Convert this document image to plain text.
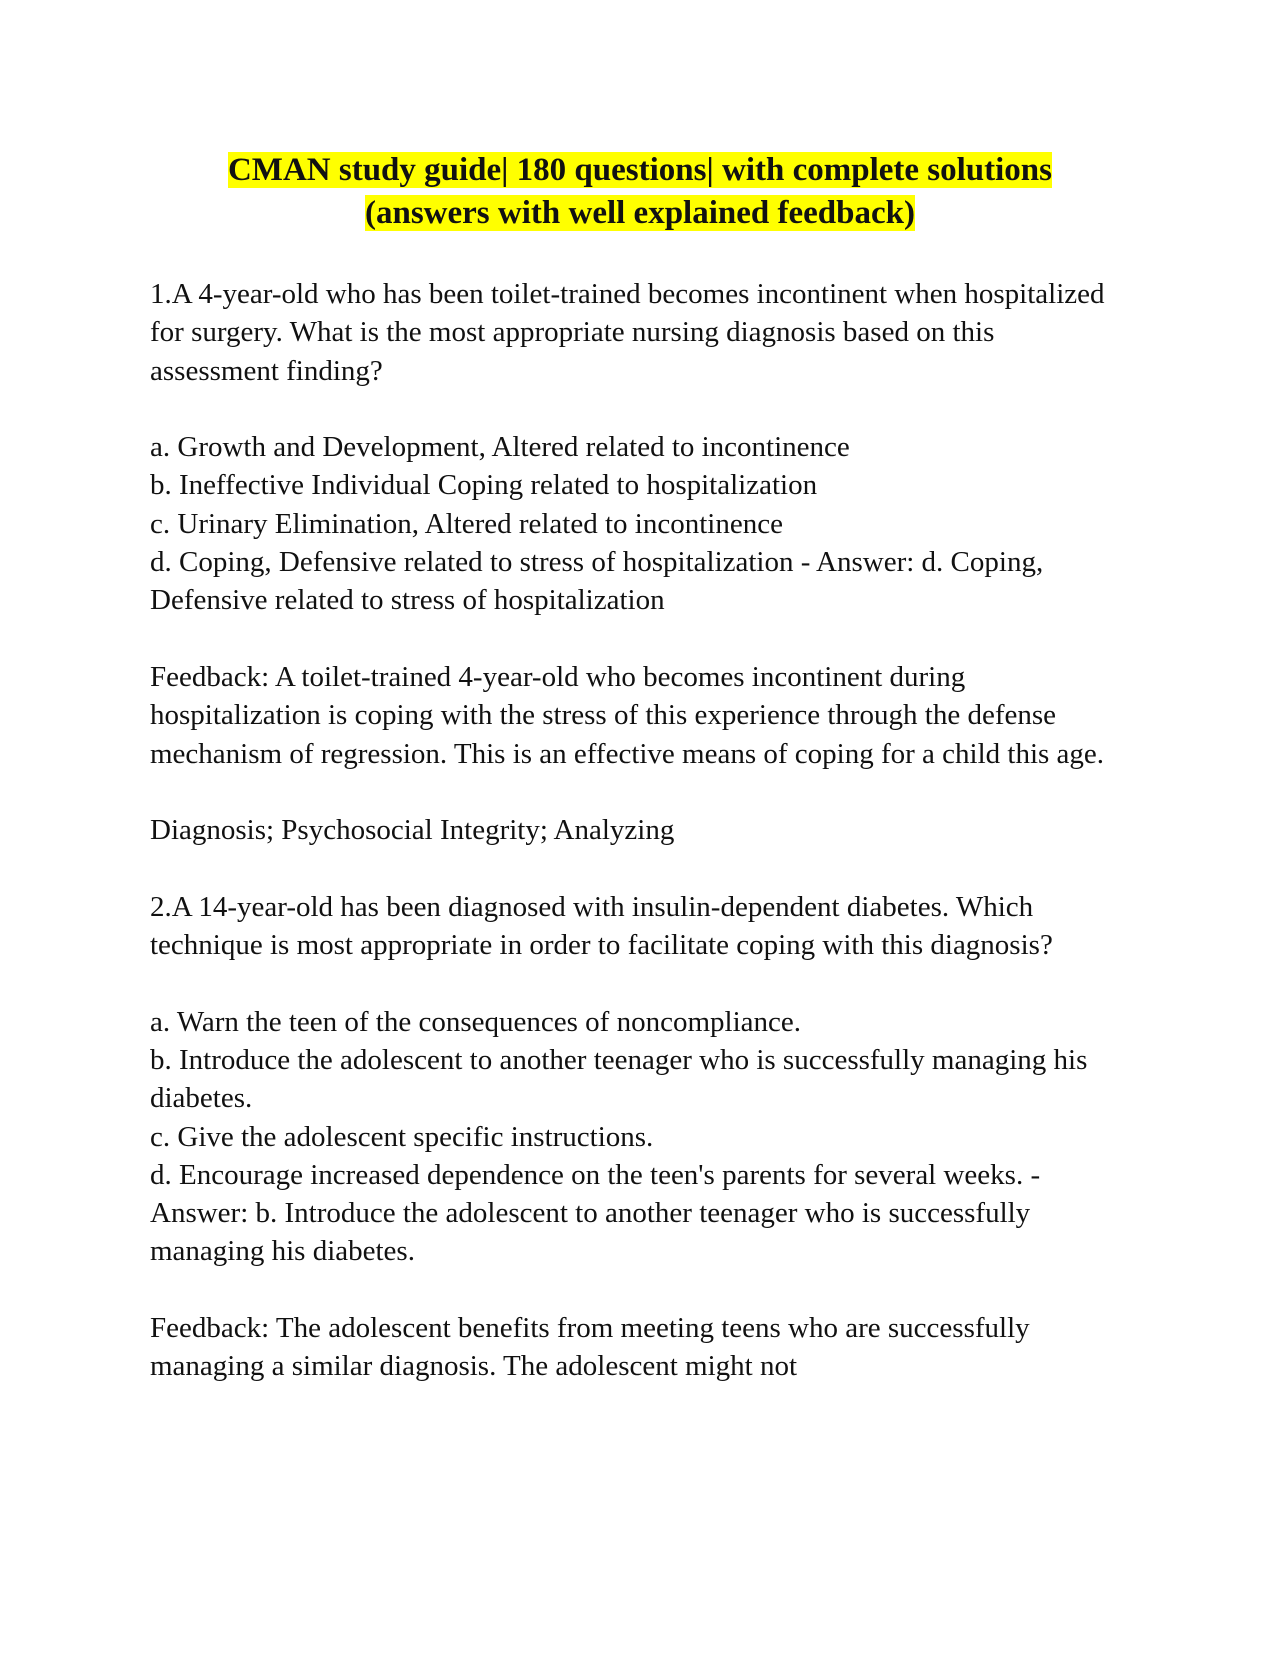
CMAN study guide| 180 questions| with complete solutions
(answers with well explained feedback)

1.A 4-year-old who has been toilet-trained becomes incontinent when hospitalized for surgery. What is the most appropriate nursing diagnosis based on this assessment finding?

a. Growth and Development, Altered related to incontinence

b. Ineffective Individual Coping related to hospitalization

c. Urinary Elimination, Altered related to incontinence

d. Coping, Defensive related to stress of hospitalization - Answer: d. Coping, Defensive related to stress of hospitalization

Feedback: A toilet-trained 4-year-old who becomes incontinent during hospitalization is coping with the stress of this experience through the defense mechanism of regression. This is an effective means of coping for a child this age.

Diagnosis; Psychosocial Integrity; Analyzing

2.A 14-year-old has been diagnosed with insulin-dependent diabetes. Which technique is most appropriate in order to facilitate coping with this diagnosis?

a. Warn the teen of the consequences of noncompliance.

b. Introduce the adolescent to another teenager who is successfully managing his diabetes.

c. Give the adolescent specific instructions.

d. Encourage increased dependence on the teen's parents for several weeks. - Answer: b. Introduce the adolescent to another teenager who is successfully managing his diabetes.

Feedback: The adolescent benefits from meeting teens who are successfully managing a similar diagnosis. The adolescent might not
